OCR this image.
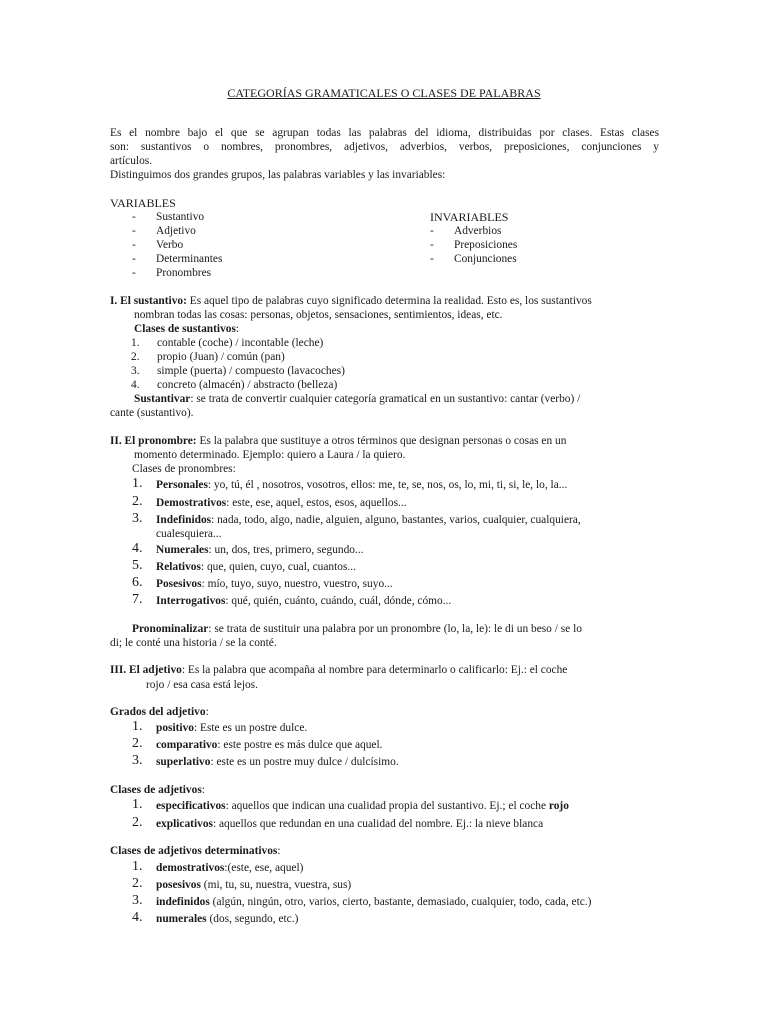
CATEGORÍAS GRAMATICALES O CLASES DE PALABRAS
Es el nombre bajo el que se agrupan todas las palabras del idioma, distribuidas por clases. Estas clases
son: sustantivos o nombres, pronombres, adjetivos, adverbios, verbos, preposiciones, conjunciones y
artículos.
Distinguimos dos grandes grupos, las palabras variables y las invariables:
VARIABLES
- Sustantivo
- Adjetivo
- Verbo
- Determinantes
- Pronombres
INVARIABLES
- Adverbios
- Preposiciones
- Conjunciones
I. El sustantivo: Es aquel tipo de palabras cuyo significado determina la realidad. Esto es, los sustantivos
nombran todas las cosas: personas, objetos, sensaciones, sentimientos, ideas, etc.
Clases de sustantivos:
1. contable (coche) / incontable (leche)
2. propio (Juan) / común (pan)
3. simple (puerta) / compuesto (lavacoches)
4. concreto (almacén) / abstracto (belleza)
Sustantivar: se trata de convertir cualquier categoría gramatical en un sustantivo: cantar (verbo) /
cante (sustantivo).
II. El pronombre: Es la palabra que sustituye a otros términos que designan personas o cosas en un
momento determinado. Ejemplo: quiero a Laura / la quiero.
Clases de pronombres:
1. Personales: yo, tú, él , nosotros, vosotros, ellos: me, te, se, nos, os, lo, mi, ti, si, le, lo, la...
2. Demostrativos: este, ese, aquel, estos, esos, aquellos...
3. Indefinidos: nada, todo, algo, nadie, alguien, alguno, bastantes, varios, cualquier, cualquiera,
cualesquiera...
4. Numerales: un, dos, tres, primero, segundo...
5. Relativos: que, quien, cuyo, cual, cuantos...
6. Posesivos: mío, tuyo, suyo, nuestro, vuestro, suyo...
7. Interrogativos: qué, quién, cuánto, cuándo, cuál, dónde, cómo...
Pronominalizar: se trata de sustituir una palabra por un pronombre (lo, la, le): le di un beso / se lo
di; le conté una historia / se la conté.
III. El adjetivo: Es la palabra que acompaña al nombre para determinarlo o calificarlo: Ej.: el coche
rojo / esa casa está lejos.
Grados del adjetivo:
1. positivo: Este es un postre dulce.
2. comparativo: este postre es más dulce que aquel.
3. superlativo: este es un postre muy dulce / dulcísimo.
Clases de adjetivos:
1. especificativos: aquellos que indican una cualidad propia del sustantivo. Ej.; el coche rojo
2. explicativos: aquellos que redundan en una cualidad del nombre. Ej.: la nieve blanca
Clases de adjetivos determinativos:
1. demostrativos:(este, ese, aquel)
2. posesivos (mi, tu, su, nuestra, vuestra, sus)
3. indefinidos (algún, ningún, otro, varios, cierto, bastante, demasiado, cualquier, todo, cada, etc.)
4. numerales (dos, segundo, etc.)
